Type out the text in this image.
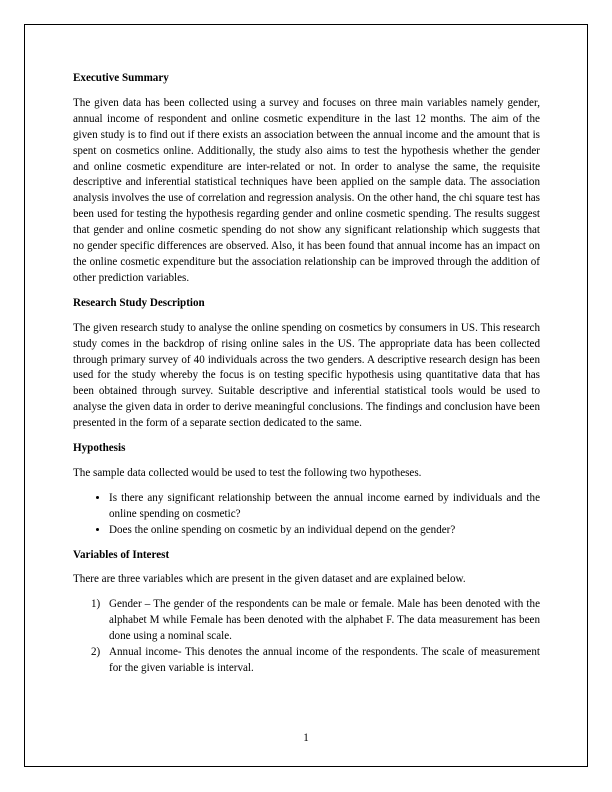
Executive Summary

The given data has been collected using a survey and focuses on three main variables namely gender, annual income of respondent and online cosmetic expenditure in the last 12 months. The aim of the given study is to find out if there exists an association between the annual income and the amount that is spent on cosmetics online. Additionally, the study also aims to test the hypothesis whether the gender and online cosmetic expenditure are inter-related or not. In order to analyse the same, the requisite descriptive and inferential statistical techniques have been applied on the sample data. The association analysis involves the use of correlation and regression analysis. On the other hand, the chi square test has been used for testing the hypothesis regarding gender and online cosmetic spending. The results suggest that gender and online cosmetic spending do not show any significant relationship which suggests that no gender specific differences are observed. Also, it has been found that annual income has an impact on the online cosmetic expenditure but the association relationship can be improved through the addition of other prediction variables.

Research Study Description

The given research study to analyse the online spending on cosmetics by consumers in US. This research study comes in the backdrop of rising online sales in the US. The appropriate data has been collected through primary survey of 40 individuals across the two genders. A descriptive research design has been used for the study whereby the focus is on testing specific hypothesis using quantitative data that has been obtained through survey. Suitable descriptive and inferential statistical tools would be used to analyse the given data in order to derive meaningful conclusions. The findings and conclusion have been presented in the form of a separate section dedicated to the same.

Hypothesis

The sample data collected would be used to test the following two hypotheses.

• Is there any significant relationship between the annual income earned by individuals and the online spending on cosmetic?
• Does the online spending on cosmetic by an individual depend on the gender?
Variables of Interest

There are three variables which are present in the given dataset and are explained below.

1) Gender – The gender of the respondents can be male or female. Male has been denoted with the alphabet M while Female has been denoted with the alphabet F. The data measurement has been done using a nominal scale.
2) Annual income- This denotes the annual income of the respondents. The scale of measurement for the given variable is interval.
1
